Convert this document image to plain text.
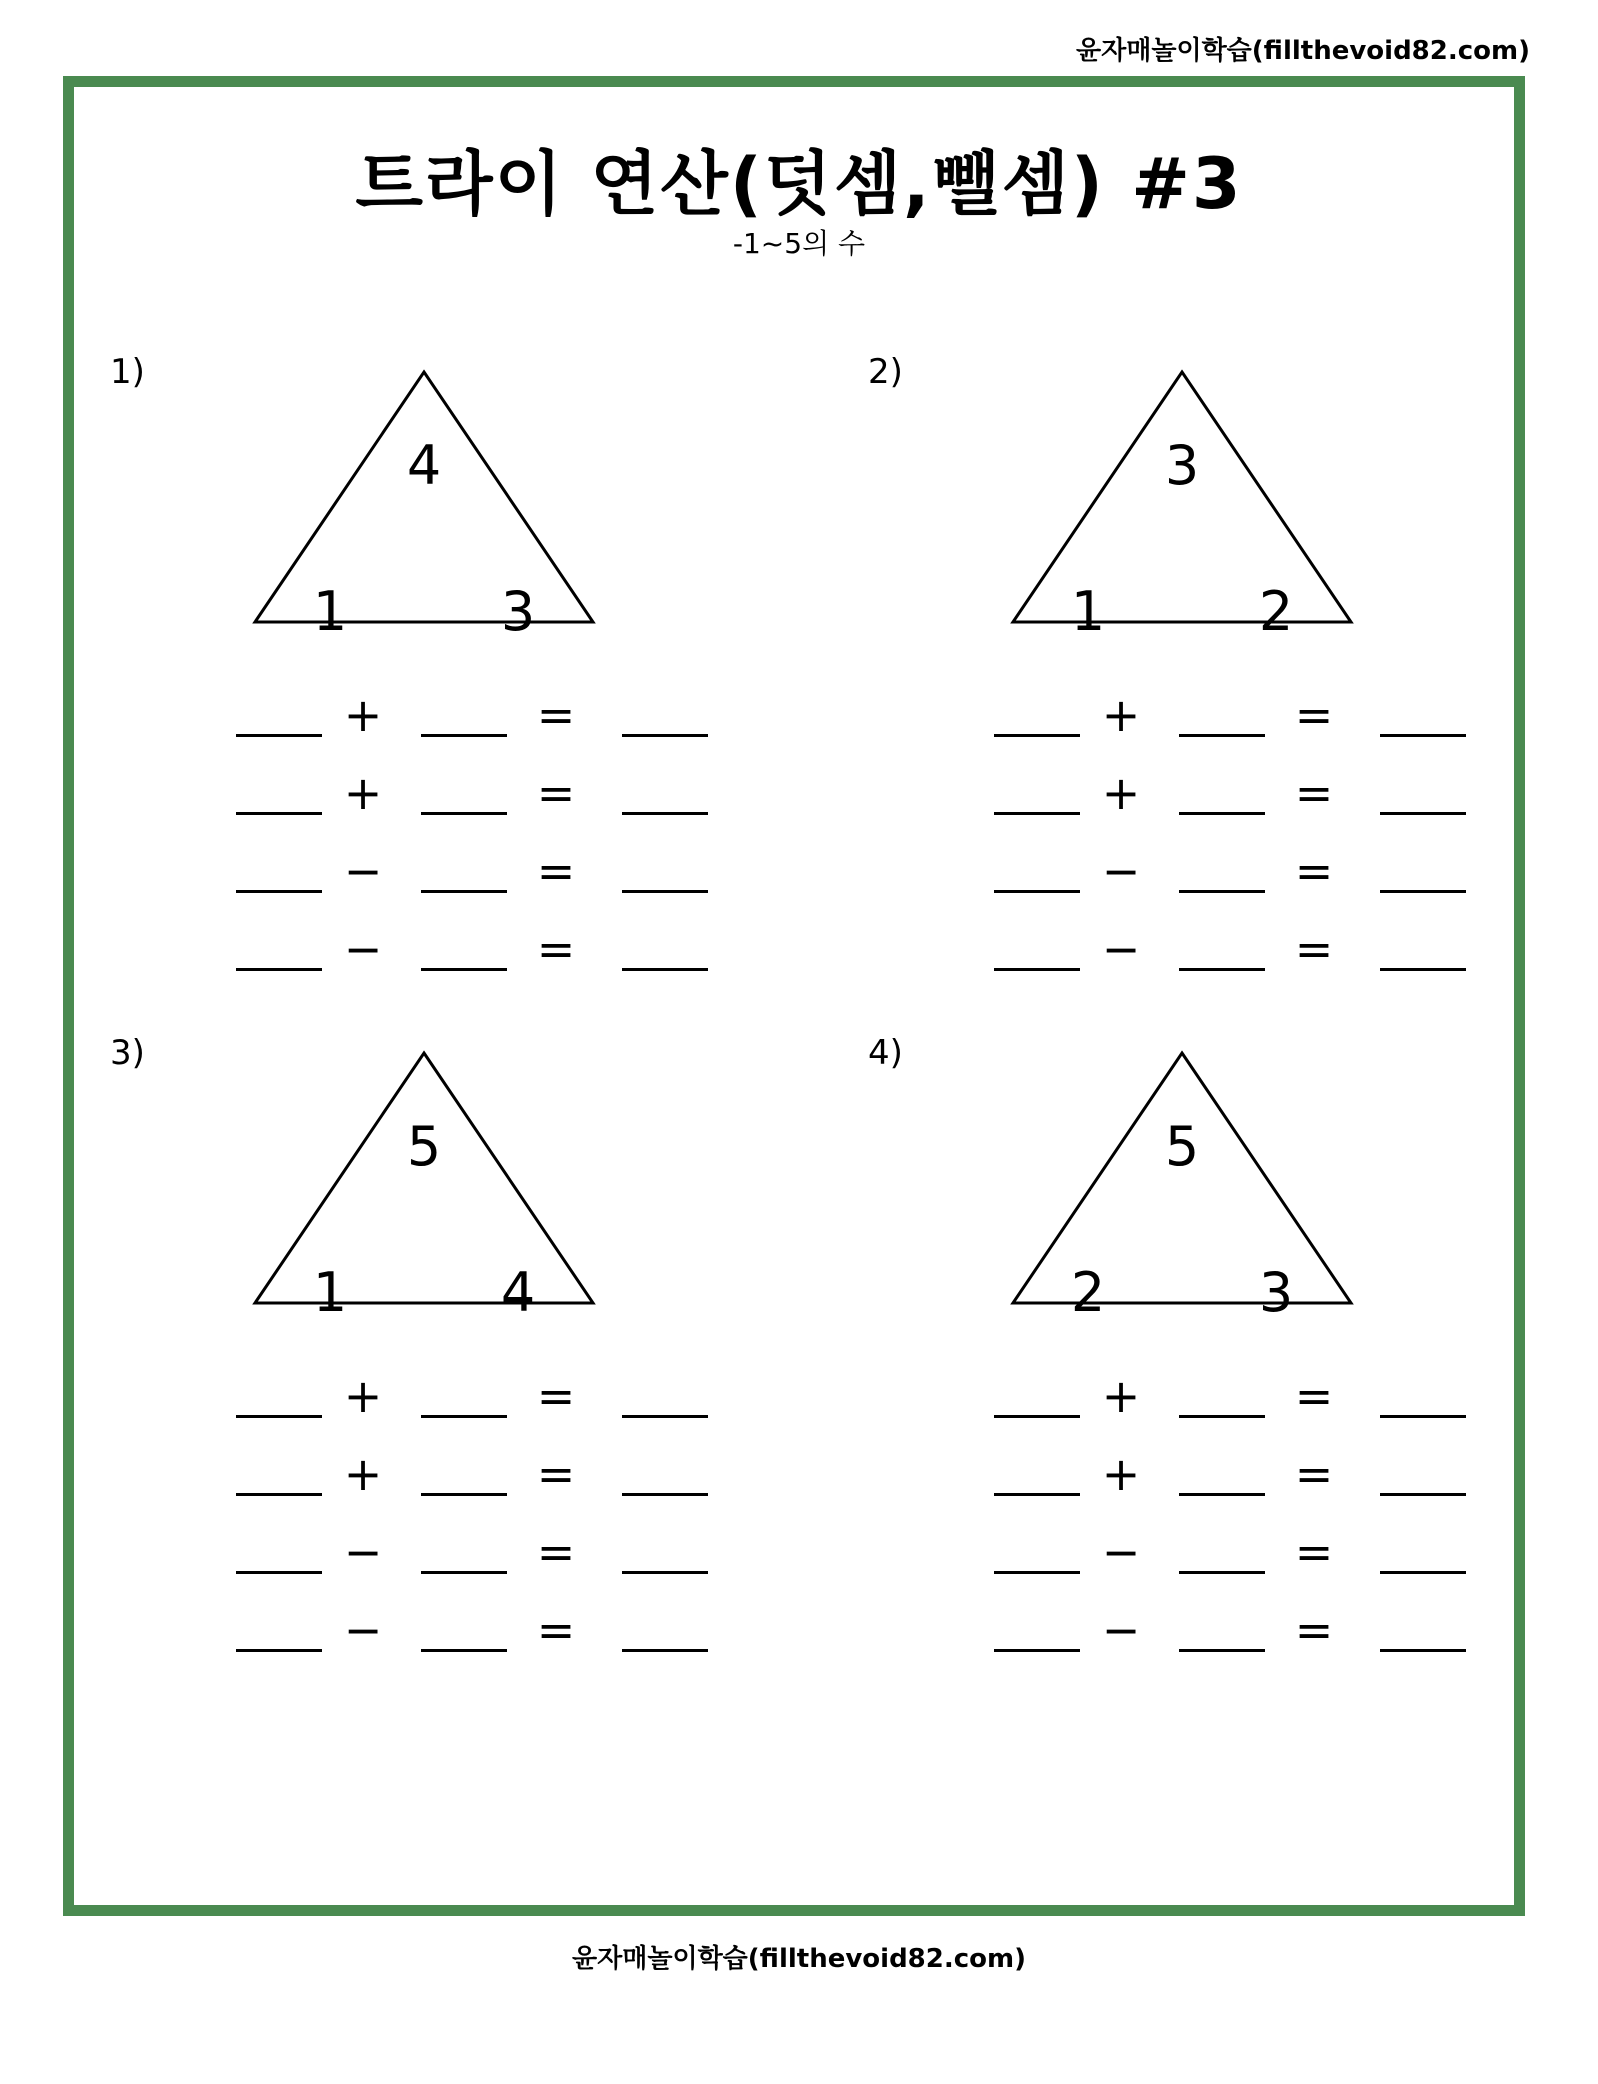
윤자매놀이학습(fillthevoid82.com)
트라이 연산(덧셈,뺄셈) #3
-1~5의 수
1)
4
1	3
+	=
+	=
−	=
−	=
2)
3
1	2
+	=
+	=
−	=
−	=
3)
5
1	4
+	=
+	=
−	=
−	=
4)
5
2	3
+	=
+	=
−	=
−	=
윤자매놀이학습(fillthevoid82.com)
